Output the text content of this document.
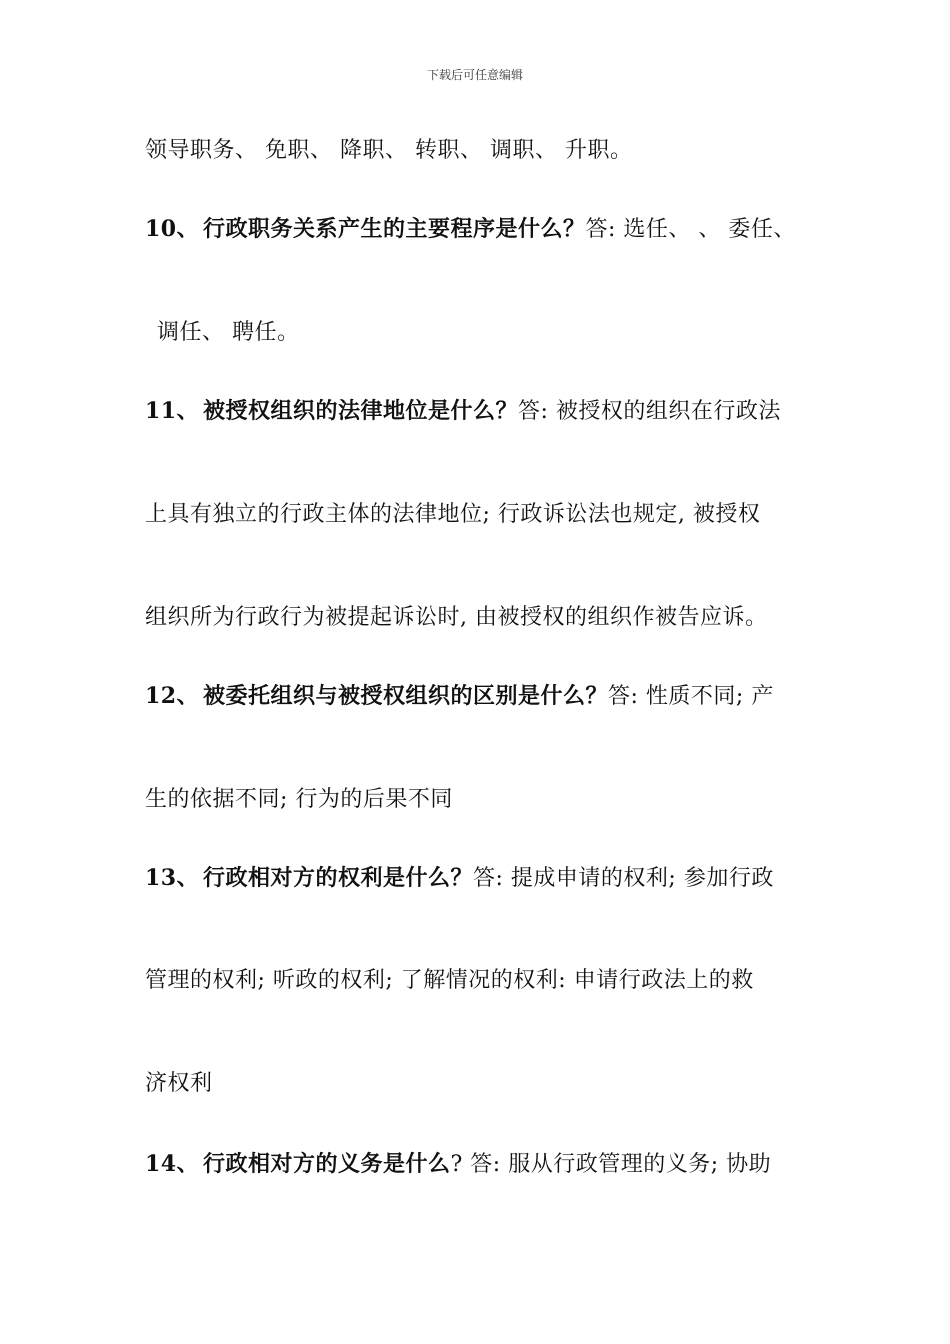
下载后可任意编辑
领导职务、 免职、 降职、 转职、 调职、 升职。
10、 行政职务关系产生的主要程序是什么？答: 选任、 、 委任、
调任、 聘任。
11、 被授权组织的法律地位是什么？答: 被授权的组织在行政法
上具有独立的行政主体的法律地位; 行政诉讼法也规定, 被授权
组织所为行政行为被提起诉讼时, 由被授权的组织作被告应诉。
12、 被委托组织与被授权组织的区别是什么？答: 性质不同; 产
生的依据不同; 行为的后果不同
13、 行政相对方的权利是什么？答: 提成申请的权利; 参加行政
管理的权利; 听政的权利; 了解情况的权利: 申请行政法上的救
济权利
14、 行政相对方的义务是什么? 答: 服从行政管理的义务; 协助
